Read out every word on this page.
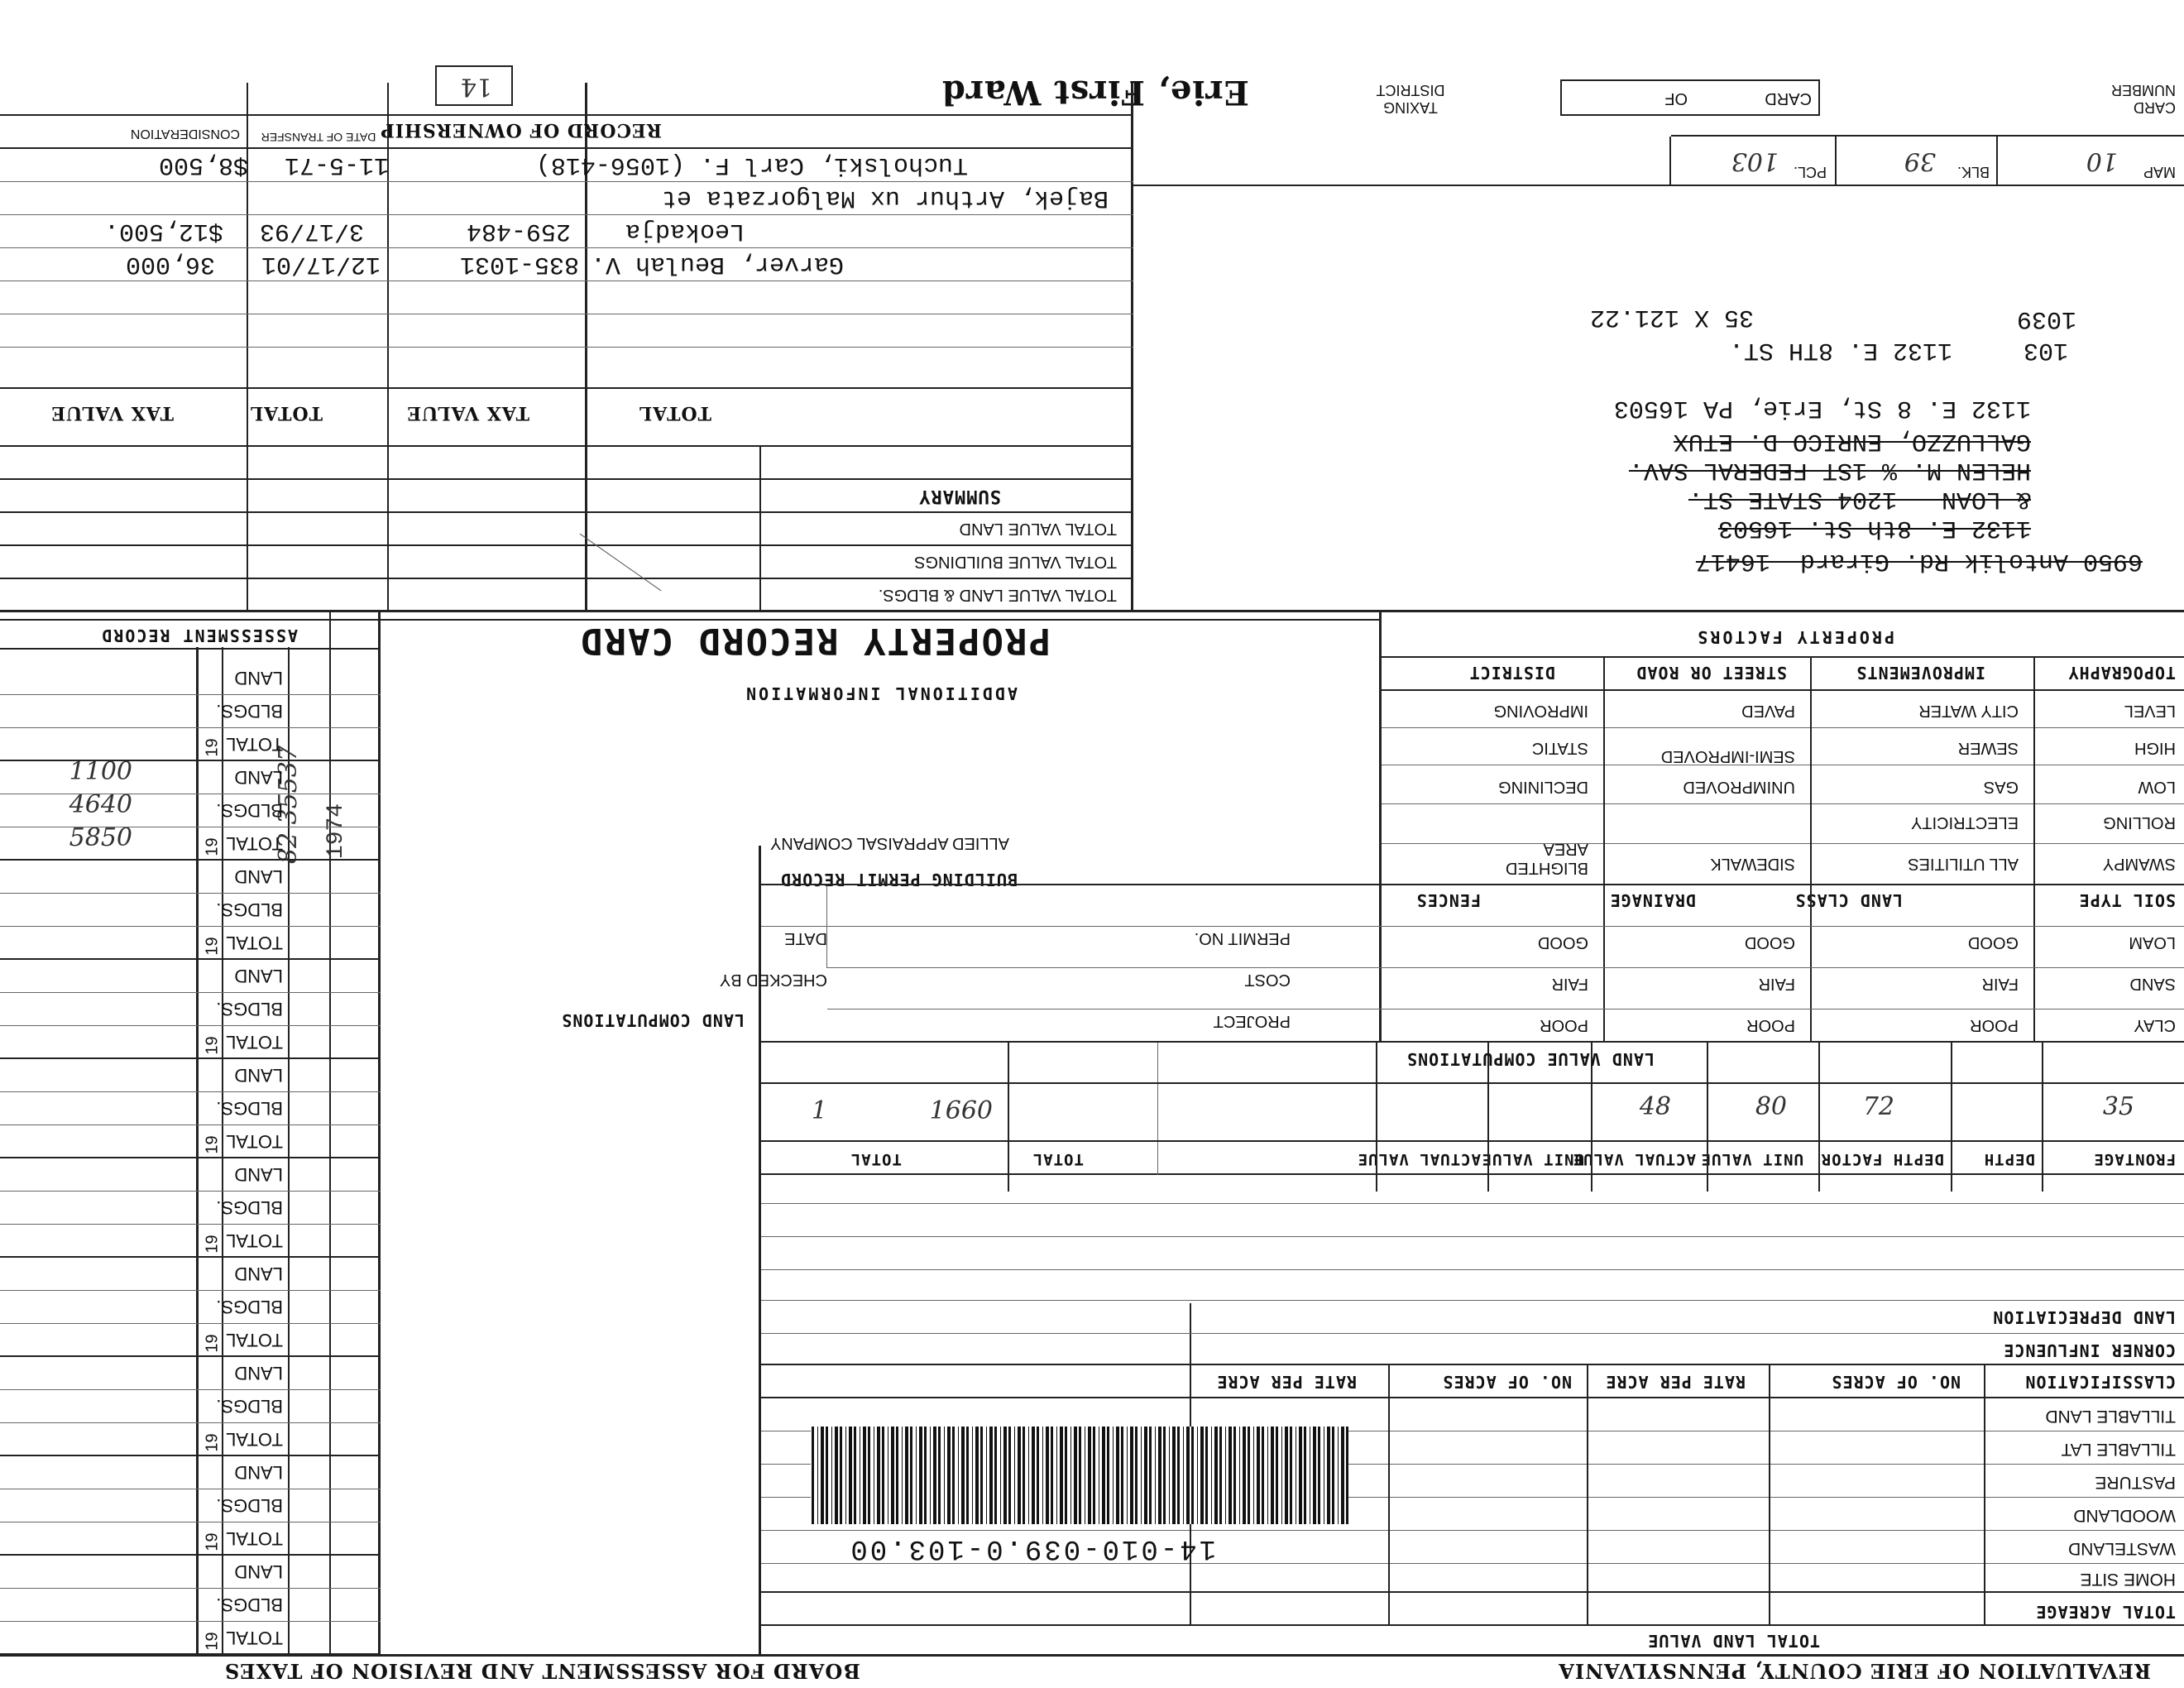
REVALUATION OF ERIE COUNTY, PENNSYLVANIA
BOARD FOR ASSESSMENT AND REVISION OF TAXES
TOTAL LAND VALUE
TOTAL ACREAGE
HOME SITE
WASTELAND
WOODLAND
PASTURE
TILLABLE LAT
TILLABLE LAND
CLASSIFICATION
NO. OF ACRES
RATE PER ACRE
NO. OF ACRES
RATE PER ACRE
CORNER INFLUENCE
LAND DEPRECIATION
14-010-039.0-103.00
FRONTAGE
DEPTH
DEPTH FACTOR
UNIT VALUE
ACTUAL VALUE
UNIT VALUE
ACTUAL VALUE
TOTAL
TOTAL
35
72
80
48
1660
1
LAND VALUE COMPUTATIONS
LAND COMPUTATIONS	CLAY
POOR
POOR
POOR
PROJECT
SAND
FAIR
FAIR
FAIR
COST
CHECKED BY
LOAM
GOOD
GOOD
GOOD
PERMIT NO.
DATE
SOIL TYPE
LAND CLASS
DRAINAGE
FENCES
BUILDING PERMIT RECORD
SWAMPY
ALL UTILITIES
SIDEWALK
BLIGHTED AREA
ALLIED APPRAISAL COMPANY
ROLLING
ELECTRICITY
LOW
GAS
UNIMPROVED
DECLINING
HIGH
SEWER
SEMI-IMPROVED
STATIC
LEVEL
CITY WATER
PAVED
IMPROVING
ADDITIONAL INFORMATION
TOPOGRAPHY
IMPROVEMENTS
STREET OR ROAD
DISTRICT
PROPERTY FACTORS
PROPERTY RECORD CARD
ASSESSMENT RECORD
1974
82 35537
1100
4640
5850
6950 Antolik Rd. Girard  16417
1132 E. 8th St. 16503
& LOAN   1204 STATE ST.
HELEN M. % 1ST FEDERAL SAV.
GALLUZZO, ENRICO D. ETUX
1132 E. 8 St, Erie, PA 16503
103
1132 E. 8TH ST.
1039
35 X 121.22
MAP
10
BLK.
39
PCL.
103
CARD NUMBER
CARD
OF
TAXING DISTRICT
Erie, First Ward
14
TOTAL VALUE LAND & BLDGS.
TOTAL VALUE BUILDINGS
TOTAL VALUE LAND
SUMMARY
TOTAL
TAX VALUE
TOTAL
TAX VALUE
Garver, Beulah V.
835-1031
12/17/01
36,000
Leokadja
259-484
3/17/93
$12,500.
Bajek, Arthur ux Malgorzata et
Tucholski, Carl F. (1056-418)
11-5-71
$8,500
RECORD OF OWNERSHIP
DATE OF TRANSFER
CONSIDERATION
TOTAL
BLDGS.
LAND
19
TOTAL
BLDGS.
LAND
19
TOTAL
BLDGS.
LAND
19
TOTAL
BLDGS.
LAND
19
TOTAL
BLDGS.
LAND
19
TOTAL
BLDGS.
LAND
19
TOTAL
BLDGS.
LAND
19
TOTAL
BLDGS.
LAND
19
TOTAL
BLDGS.
LAND
19
TOTAL
BLDGS.
LAND
19
